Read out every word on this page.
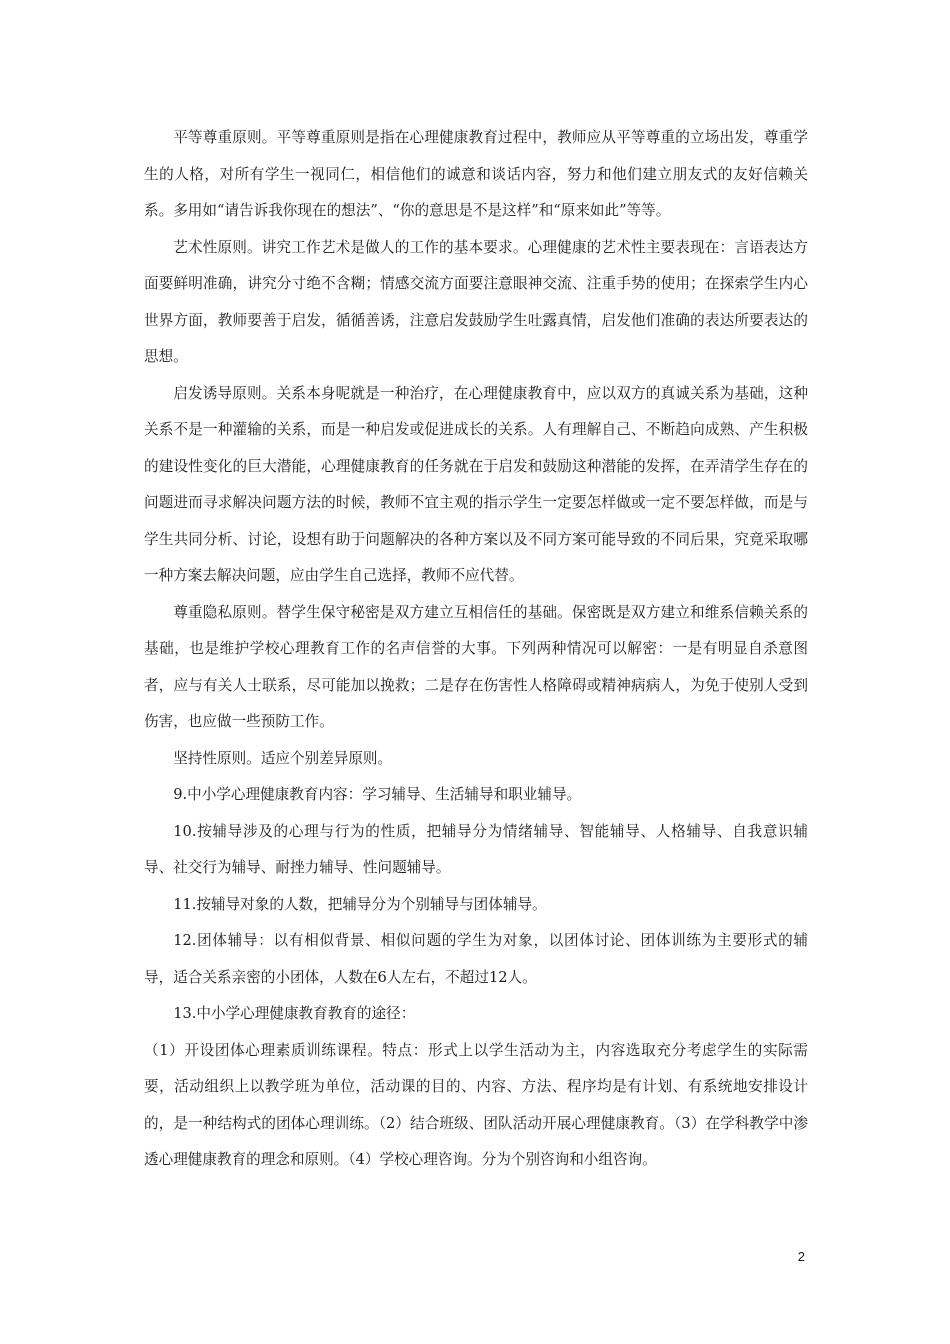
平等尊重原则。平等尊重原则是指在心理健康教育过程中，教师应从平等尊重的立场出发，尊重学生的人格，对所有学生一视同仁，相信他们的诚意和谈话内容，努力和他们建立朋友式的友好信赖关系。多用如“请告诉我你现在的想法”、“你的意思是不是这样”和“原来如此”等等。

艺术性原则。讲究工作艺术是做人的工作的基本要求。心理健康的艺术性主要表现在：言语表达方面要鲜明准确，讲究分寸绝不含糊；情感交流方面要注意眼神交流、注重手势的使用；在探索学生内心世界方面，教师要善于启发，循循善诱，注意启发鼓励学生吐露真情，启发他们准确的表达所要表达的思想。

启发诱导原则。关系本身呢就是一种治疗，在心理健康教育中，应以双方的真诚关系为基础，这种关系不是一种灌输的关系，而是一种启发或促进成长的关系。人有理解自己、不断趋向成熟、产生积极的建设性变化的巨大潜能，心理健康教育的任务就在于启发和鼓励这种潜能的发挥，在弄清学生存在的问题进而寻求解决问题方法的时候，教师不宜主观的指示学生一定要怎样做或一定不要怎样做，而是与学生共同分析、讨论，设想有助于问题解决的各种方案以及不同方案可能导致的不同后果，究竟采取哪一种方案去解决问题，应由学生自己选择，教师不应代替。

尊重隐私原则。替学生保守秘密是双方建立互相信任的基础。保密既是双方建立和维系信赖关系的基础，也是维护学校心理教育工作的名声信誉的大事。下列两种情况可以解密：一是有明显自杀意图者，应与有关人士联系，尽可能加以挽救；二是存在伤害性人格障碍或精神病病人，为免于使别人受到伤害，也应做一些预防工作。

坚持性原则。适应个别差异原则。

9.中小学心理健康教育内容：学习辅导、生活辅导和职业辅导。

10.按辅导涉及的心理与行为的性质，把辅导分为情绪辅导、智能辅导、人格辅导、自我意识辅导、社交行为辅导、耐挫力辅导、性问题辅导。

11.按辅导对象的人数，把辅导分为个别辅导与团体辅导。

12.团体辅导：以有相似背景、相似问题的学生为对象，以团体讨论、团体训练为主要形式的辅导，适合关系亲密的小团体，人数在6人左右，不超过12人。

13.中小学心理健康教育教育的途径：

（1）开设团体心理素质训练课程。特点：形式上以学生活动为主，内容选取充分考虑学生的实际需要，活动组织上以教学班为单位，活动课的目的、内容、方法、程序均是有计划、有系统地安排设计的，是一种结构式的团体心理训练。（2）结合班级、团队活动开展心理健康教育。（3）在学科教学中渗透心理健康教育的理念和原则。（4）学校心理咨询。分为个别咨询和小组咨询。

2
